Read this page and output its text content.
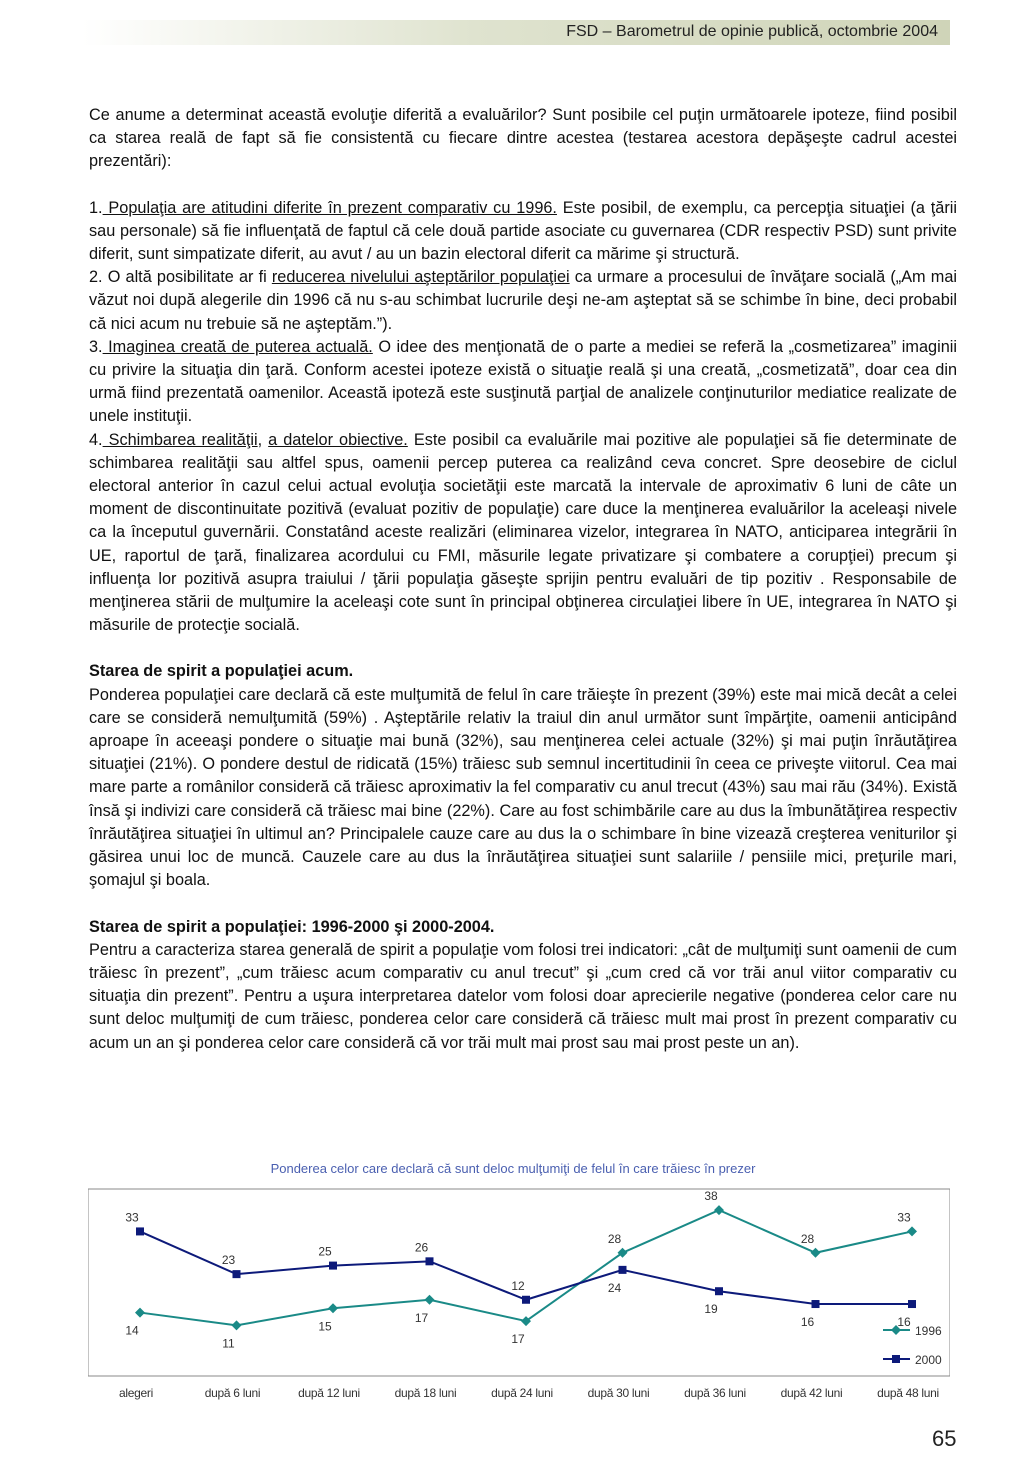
FSD – Barometrul de opinie publică, octombrie 2004

Ce anume a determinat această evoluţie diferită a evaluărilor? Sunt posibile cel puţin următoarele ipoteze, fiind posibil ca starea reală de fapt să fie consistentă cu fiecare dintre acestea (testarea acestora depăşeşte cadrul acestei prezentări):

1. Populaţia are atitudini diferite în prezent comparativ cu 1996. Este posibil, de exemplu, ca percepţia situaţiei (a ţării sau personale) să fie influenţată de faptul că cele două partide asociate cu guvernarea (CDR respectiv PSD) sunt privite diferit, sunt simpatizate diferit, au avut / au un bazin electoral diferit ca mărime şi structură.

2. O altă posibilitate ar fi reducerea nivelului aşteptărilor populaţiei ca urmare a procesului de învăţare socială („Am mai văzut noi după alegerile din 1996 că nu s-au schimbat lucrurile deşi ne-am aşteptat să se schimbe în bine, deci probabil că nici acum nu trebuie să ne aşteptăm.”).

3. Imaginea creată de puterea actuală. O idee des menţionată de o parte a mediei se referă la „cosmetizarea” imaginii cu privire la situaţia din ţară. Conform acestei ipoteze există o situaţie reală şi una creată, „cosmetizată”, doar cea din urmă fiind prezentată oamenilor. Această ipoteză este susţinută parţial de analizele conţinuturilor mediatice realizate de unele instituţii.

4. Schimbarea realităţii, a datelor obiective. Este posibil ca evaluările mai pozitive ale populaţiei să fie determinate de schimbarea realităţii sau altfel spus, oamenii percep puterea ca realizând ceva concret. Spre deosebire de ciclul electoral anterior în cazul celui actual evoluţia societăţii este marcată la intervale de aproximativ 6 luni de câte un moment de discontinuitate pozitivă (evaluat pozitiv de populaţie) care duce la menţinerea evaluărilor la aceleaşi nivele ca la începutul guvernării. Constatând aceste realizări (eliminarea vizelor, integrarea în NATO, anticiparea integrării în UE, raportul de ţară, finalizarea acordului cu FMI, măsurile legate privatizare şi combatere a corupţiei) precum şi influenţa lor pozitivă asupra traiului / ţării populaţia găseşte sprijin pentru evaluări de tip pozitiv . Responsabile de menţinerea stării de mulţumire la aceleaşi cote sunt în principal obţinerea circulaţiei libere în UE, integrarea în NATO şi măsurile de protecţie socială.

Starea de spirit a populaţiei acum.

Ponderea populaţiei care declară că este mulţumită de felul în care trăieşte în prezent (39%) este mai mică decât a celei care se consideră nemulţumită (59%) . Aşteptările relativ la traiul din anul următor sunt împărţite, oamenii anticipând aproape în aceeaşi pondere o situaţie mai bună (32%), sau menţinerea celei actuale (32%) şi mai puţin înrăutăţirea situaţiei (21%). O pondere destul de ridicată (15%) trăiesc sub semnul incertitudinii în ceea ce priveşte viitorul. Cea mai mare parte a românilor consideră că trăiesc aproximativ la fel comparativ cu anul trecut (43%) sau mai rău (34%). Există însă şi indivizi care consideră că trăiesc mai bine (22%). Care au fost schimbările care au dus la îmbunătăţirea respectiv înrăutăţirea situaţiei în ultimul an? Principalele cauze care au dus la o schimbare în bine vizează creşterea veniturilor şi găsirea unui loc de muncă. Cauzele care au dus la înrăutăţirea situaţiei sunt salariile / pensiile mici, preţurile mari, şomajul şi boala.

Starea de spirit a populaţiei: 1996-2000 şi 2000-2004.

Pentru a caracteriza starea generală de spirit a populaţie vom folosi trei indicatori: „cât de mulţumiţi sunt oamenii de cum trăiesc în prezent”, „cum trăiesc acum comparativ cu anul trecut” şi „cum cred că vor trăi anul viitor comparativ cu situaţia din prezent”. Pentru a uşura interpretarea datelor vom folosi doar aprecierile negative (ponderea celor care nu sunt deloc mulţumiţi de cum trăiesc, ponderea celor care consideră că trăiesc mult mai prost în prezent comparativ cu acum un an şi ponderea celor care consideră că vor trăi mult mai prost sau mai prost peste un an).

Ponderea celor care declară că sunt deloc mulţumiţi de felul în care trăiesc în prezer
14
11
15
17
17
28
38
28
33
33
23
25	26
12	24
19
16	16
alegeri	după 6 luni	după 12 luni	după 18 luni	după 24 luni	după 30 luni	după 36 luni	după 42 luni	după 48 luni
1996
2000
65
